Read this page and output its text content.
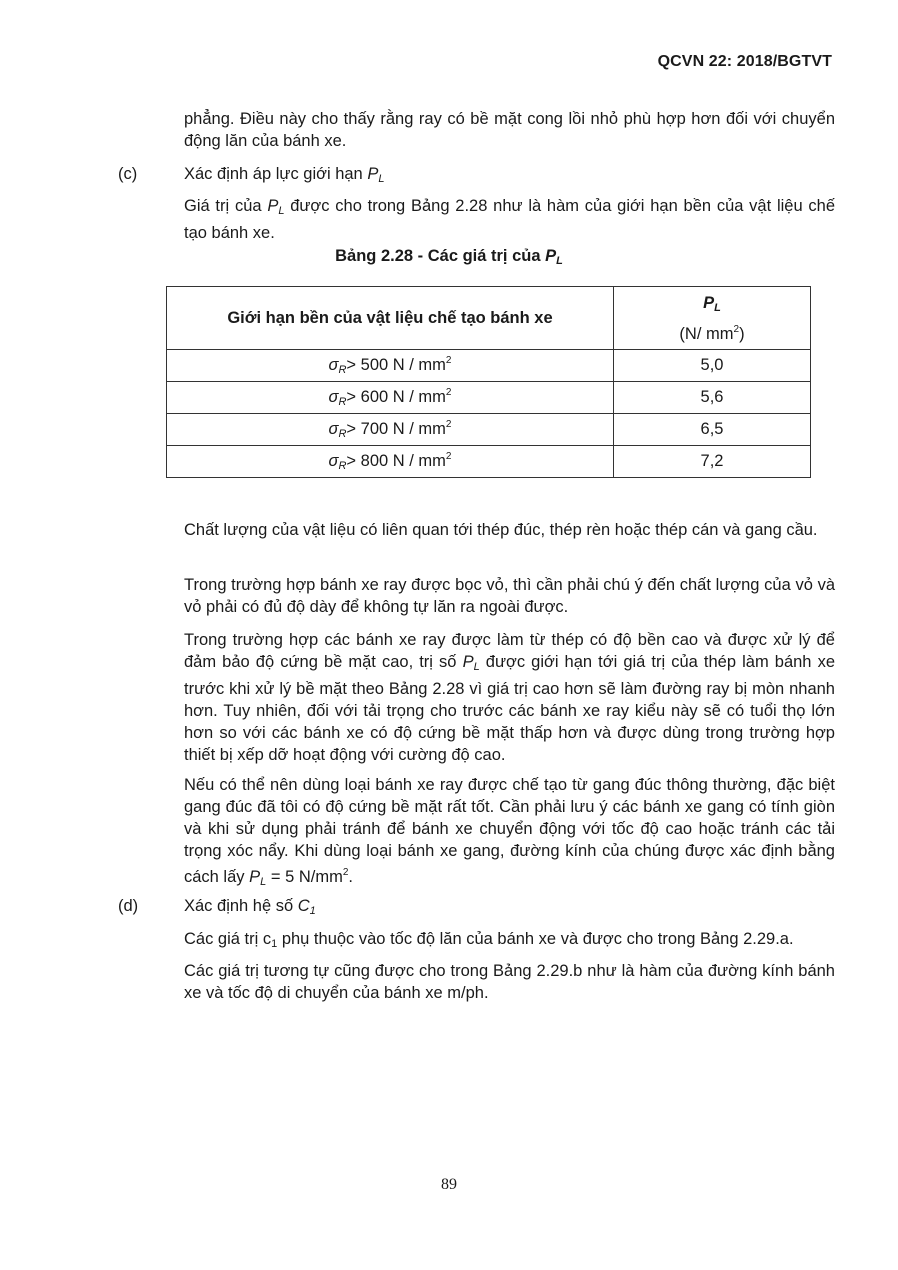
QCVN 22: 2018/BGTVT
phẳng. Điều này cho thấy rằng ray có bề mặt cong lồi nhỏ phù hợp hơn đối với chuyển động lăn của bánh xe.
(c)	Xác định áp lực giới hạn $P_L$
Giá trị của $P_L$ được cho trong Bảng 2.28 như là hàm của giới hạn bền của vật liệu chế tạo bánh xe.
Bảng 2.28 - Các giá trị của $P_L$
Giới hạn bền của vật liệu chế tạo bánh xe	$P_L$
(N/ $mm^2$)

$\sigma_R> 500$ N / $mm^2$	5,0
$\sigma_R> 600$ N / $mm^2$	5,6
$\sigma_R> 700$ N / $mm^2$	6,5
$\sigma_R> 800$ N / $mm^2$	7,2
Chất lượng của vật liệu có liên quan tới thép đúc, thép rèn hoặc thép cán và gang cầu.
Trong trường hợp bánh xe ray được bọc vỏ, thì cần phải chú ý đến chất lượng của vỏ và vỏ phải có đủ độ dày để không tự lăn ra ngoài được.
Trong trường hợp các bánh xe ray được làm từ thép có độ bền cao và được xử lý để đảm bảo độ cứng bề mặt cao, trị số $P_L$ được giới hạn tới giá trị của thép làm bánh xe trước khi xử lý bề mặt theo Bảng 2.28 vì giá trị cao hơn sẽ làm đường ray bị mòn nhanh hơn. Tuy nhiên, đối với tải trọng cho trước các bánh xe ray kiểu này sẽ có tuổi thọ lớn hơn so với các bánh xe có độ cứng bề mặt thấp hơn và được dùng trong trường hợp thiết bị xếp dỡ hoạt động với cường độ cao.
Nếu có thể nên dùng loại bánh xe ray được chế tạo từ gang đúc thông thường, đặc biệt gang đúc đã tôi có độ cứng bề mặt rất tốt. Cần phải lưu ý các bánh xe gang có tính giòn và khi sử dụng phải tránh để bánh xe chuyển động với tốc độ cao hoặc tránh các tải trọng xóc nẩy. Khi dùng loại bánh xe gang, đường kính của chúng được xác định bằng cách lấy $P_L = 5$ $N/mm^2$.
(d)	Xác định hệ số $C_1$
Các giá trị $c_1$ phụ thuộc vào tốc độ lăn của bánh xe và được cho trong Bảng 2.29.a.
Các giá trị tương tự cũng được cho trong Bảng 2.29.b như là hàm của đường kính bánh xe và tốc độ di chuyển của bánh xe m/ph.
89
